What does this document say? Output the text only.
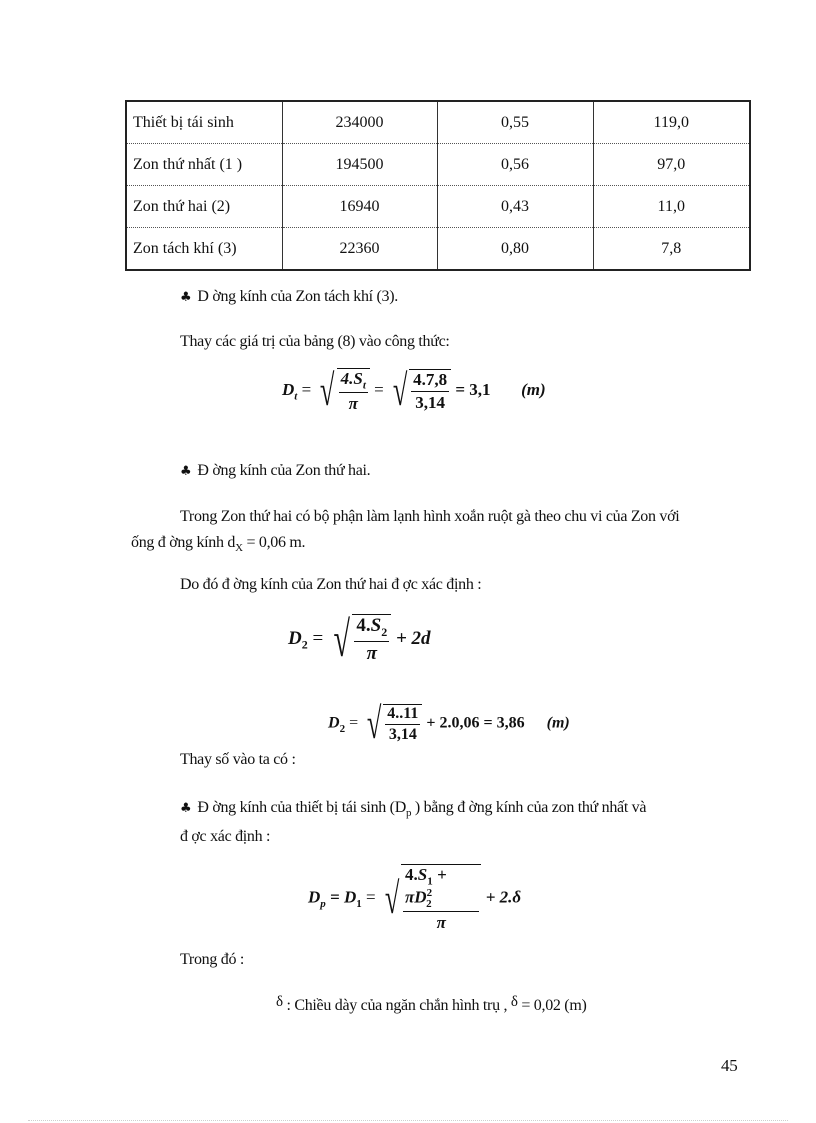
Thiết bị tái sinh	234000	0,55	119,0
Zon thứ nhất (1 )	194500	0,56	97,0
Zon thứ hai (2)	16940	0,43	11,0
Zon tách khí (3)	22360	0,80	7,8
♣ D ờng kính của Zon tách khí (3).
Thay các giá trị của bảng (8) vào công thức:
$D_t$ = √ $\frac{4.S_t}{\pi}$ = √ $\frac{4.7,8}{3,14} = 3,1$ (m)
♣ Đ ờng kính của Zon thứ hai.
Trong Zon thứ hai có bộ phận làm lạnh hình xoắn ruột gà theo chu vi của Zon với
ống đ ờng kính $d_X = 0,06$ m.
Do đó đ ờng kính của Zon thứ hai đ ợc xác định :
$D_2$ = √ $\frac{4.S_2}{\pi} + 2d$
$D_2$ = √ $\frac{4..11}{3,14} + 2.0,06 = 3,86$ (m)
Thay số vào ta có :
♣ Đ ờng kính của thiết bị tái $\sinh (D_p$ ) bằng đ ờng kính của zon thứ nhất và
đ ợc xác định :
$D_p = D_1$ = √ $\frac{4.S_1 + \pi D^2_2}{\pi} + 2.\delta$
Trong đó :
δ : Chiều dày của ngăn chắn hình trụ , δ = 0,02 (m)
45
